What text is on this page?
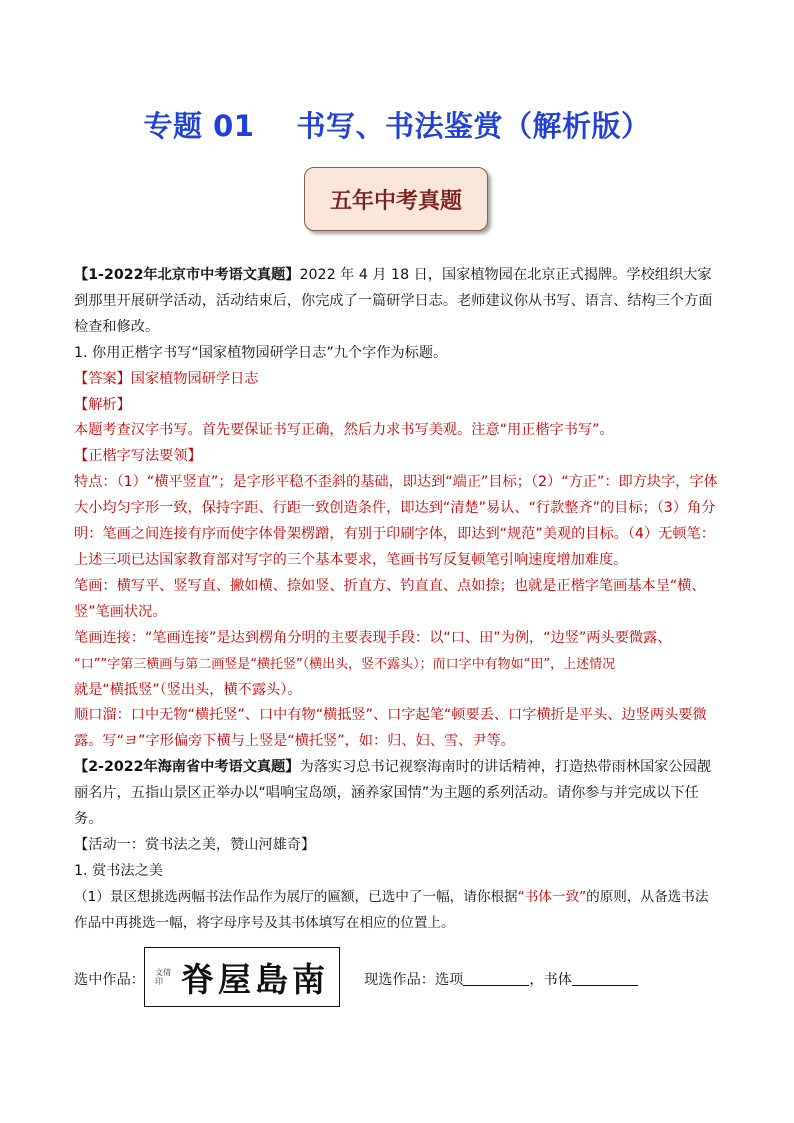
专题 01 书写、书法鉴赏（解析版）
五年中考真题

【1-2022年北京市中考语文真题】2022 年 4 月 18 日，国家植物园在北京正式揭牌。学校组织大家到那里开展研学活动，活动结束后，你完成了一篇研学日志。老师建议你从书写、语言、结构三个方面检查和修改。

1. 你用正楷字书写“国家植物园研学日志”九个字作为标题。

【答案】国家植物园研学日志

【解析】

本题考查汉字书写。首先要保证书写正确，然后力求书写美观。注意“用正楷字书写”。

【正楷字写法要领】

特点：（1）“横平竖直”；是字形平稳不歪斜的基础，即达到“端正”目标；（2）“方正”：即方块字，字体大小均匀字形一致，保持字距、行距一致创造条件，即达到“清楚”易认、“行款整齐”的目标；（3）角分明：笔画之间连接有序而使字体骨架楞蹭，有别于印刷字体，即达到“规范”美观的目标。（4）无顿笔：上述三项已达国家教育部对写字的三个基本要求，笔画书写反复顿笔引响速度增加难度。

笔画：横写平、竖写直、撇如横、捺如竖、折直方、钓直直、点如捺；也就是正楷字笔画基本呈“横、竖”笔画状况。

笔画连接：“笔画连接”是达到楞角分明的主要表现手段：以“口、田”为例，“边竖”两头要微露、

“口””字第三横画与第二画竖是“横托竖”（横出头，竖不露头）；而口字中有物如“田”，上述情况

就是“横抵竖”（竖出头，横不露头）。

顺口溜：口中无物“横托竖”、口中有物“横抵竖”、口字起笔“顿要丢、口字横折是平头、边竖两头要微露。写“ヨ”字形偏旁下横与上竖是“横托竖”，如：归、妇、雪、尹等。

【2-2022年海南省中考语文真题】为落实习总书记视察海南时的讲话精神，打造热带雨林国家公园靓丽名片，五指山景区正举办以“唱响宝岛颂，涵养家国情”为主题的系列活动。请你参与并完成以下任务。

【活动一：赏书法之美，赞山河雄奇】

1. 赏书法之美

（1）景区想挑选两幅书法作品作为展厅的匾额，已选中了一幅，请你根据“书体一致”的原则，从备选书法作品中再挑选一幅，将字母序号及其书体填写在相应的位置上。

选中作品： 文倩
印 脊屋島南 现选作品：选项	，书体
